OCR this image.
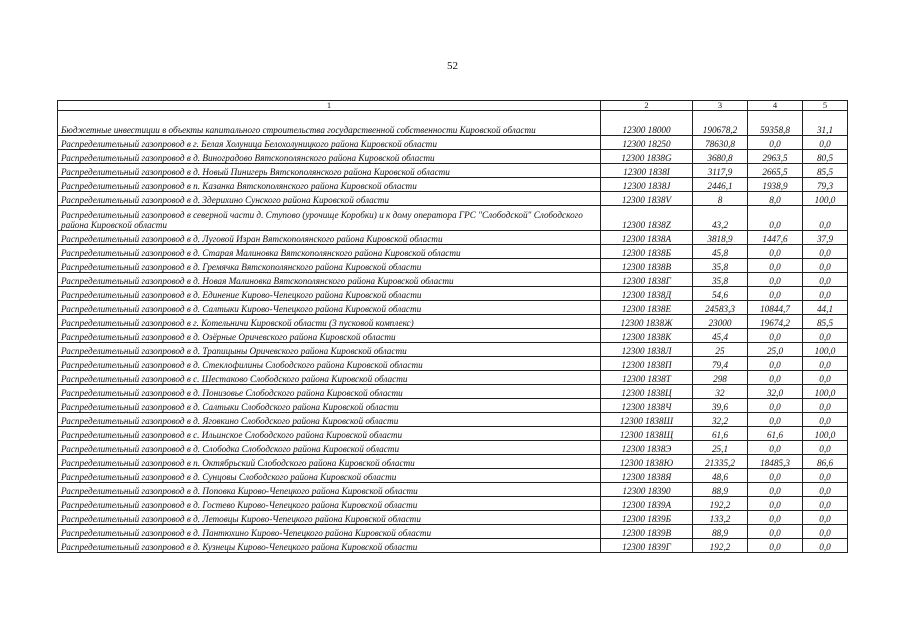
52
1	2	3	4	5
Бюджетные инвестиции в объекты капитального строительства государственной собственности Кировской области	12300 18000	190678,2	59358,8	31,1
Распределительный газопровод в г. Белая Холуница Белохолуницкого района Кировской области	12300 18250	78630,8	0,0	0,0
Распределительный газопровод в д. Виноградово Вятскополянского района Кировской области	12300 1838G	3680,8	2963,5	80,5
Распределительный газопровод в д. Новый Пинигерь Вятскополянского района Кировской области	12300 1838I	3117,9	2665,5	85,5
Распределительный газопровод в п. Казанка Вятскополянского района Кировской области	12300 1838J	2446,1	1938,9	79,3
Распределительный газопровод в д. Здерихино Сунского района Кировской области	12300 1838V	8	8,0	100,0
Распределительный газопровод в северной части д. Ступово (урочище Коробки) и к дому оператора ГРС "Слободской" Слободского района Кировской области	12300 1838Z	43,2	0,0	0,0
Распределительный газопровод в д. Луговой Изран Вятскополянского района Кировской области	12300 1838А	3818,9	1447,6	37,9
Распределительный газопровод в д. Старая Малиновка Вятскополянского района Кировской области	12300 1838Б	45,8	0,0	0,0
Распределительный газопровод в д. Гремячка Вятскополянского района Кировской области	12300 1838В	35,8	0,0	0,0
Распределительный газопровод в д. Новая Малиновка Вятскополянского района Кировской области	12300 1838Г	35,8	0,0	0,0
Распределительный газопровод в д. Единение Кирово-Чепецкого района Кировской области	12300 1838Д	54,6	0,0	0,0
Распределительный газопровод в д. Салтыки Кирово-Чепецкого района Кировской области	12300 1838Е	24583,3	10844,7	44,1
Распределительный газопровод в г. Котельничи Кировской области (3 пусковой комплекс)	12300 1838Ж	23000	19674,2	85,5
Распределительный газопровод в д. Озёрные Оричевского района Кировской области	12300 1838К	45,4	0,0	0,0
Распределительный газопровод в д. Трапицыны Оричевского района Кировской области	12300 1838Л	25	25,0	100,0
Распределительный газопровод в д. Стеклофилины Слободского района Кировской области	12300 1838П	79,4	0,0	0,0
Распределительный газопровод в с. Шестаково Слободского района Кировской области	12300 1838Т	298	0,0	0,0
Распределительный газопровод в д. Понизовье Слободского района Кировской области	12300 1838Ц	32	32,0	100,0
Распределительный газопровод в д. Салтыки Слободского района Кировской области	12300 1838Ч	39,6	0,0	0,0
Распределительный газопровод в д. Яговкино Слободского района Кировской области	12300 1838Ш	32,2	0,0	0,0
Распределительный газопровод в с. Ильинское Слободского района Кировской области	12300 1838Щ	61,6	61,6	100,0
Распределительный газопровод в д. Слободка Слободского района Кировской области	12300 1838Э	25,1	0,0	0,0
Распределительный газопровод в п. Октябрьский Слободского района Кировской области	12300 1838Ю	21335,2	18485,3	86,6
Распределительный газопровод в д. Сунцовы Слободского района Кировской области	12300 1838Я	48,6	0,0	0,0
Распределительный газопровод в д. Поповка Кирово-Чепецкого района Кировской области	12300 18390	88,9	0,0	0,0
Распределительный газопровод в д. Гостево Кирово-Чепецкого района Кировской области	12300 1839А	192,2	0,0	0,0
Распределительный газопровод в д. Летовцы Кирово-Чепецкого района Кировской области	12300 1839Б	133,2	0,0	0,0
Распределительный газопровод в д. Пантюхино Кирово-Чепецкого района Кировской области	12300 1839В	88,9	0,0	0,0
Распределительный газопровод в д. Кузнецы Кирово-Чепецкого района Кировской области	12300 1839Г	192,2	0,0	0,0
